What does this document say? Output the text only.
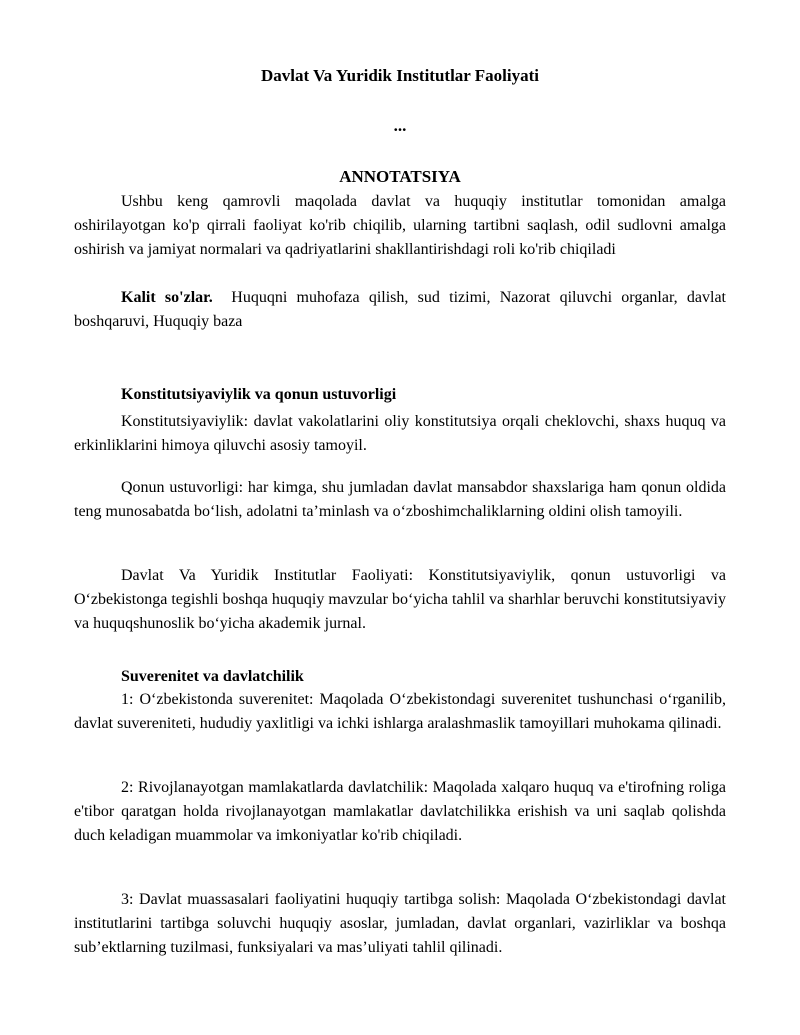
Davlat Va Yuridik Institutlar Faoliyati
...
ANNOTATSIYA

Ushbu keng qamrovli maqolada davlat va huquqiy institutlar tomonidan amalga oshirilayotgan ko'p qirrali faoliyat ko'rib chiqilib, ularning tartibni saqlash, odil sudlovni amalga oshirish va jamiyat normalari va qadriyatlarini shakllantirishdagi roli ko'rib chiqiladi

Kalit so'zlar. Huquqni muhofaza qilish, sud tizimi, Nazorat qiluvchi organlar, davlat boshqaruvi, Huquqiy baza

Konstitutsiyaviylik va qonun ustuvorligi

Konstitutsiyaviylik: davlat vakolatlarini oliy konstitutsiya orqali cheklovchi, shaxs huquq va erkinliklarini himoya qiluvchi asosiy tamoyil.

Qonun ustuvorligi: har kimga, shu jumladan davlat mansabdor shaxslariga ham qonun oldida teng munosabatda bo‘lish, adolatni ta’minlash va o‘zboshimchaliklarning oldini olish tamoyili.

Davlat Va Yuridik Institutlar Faoliyati: Konstitutsiyaviylik, qonun ustuvorligi va O‘zbekistonga tegishli boshqa huquqiy mavzular bo‘yicha tahlil va sharhlar beruvchi konstitutsiyaviy va huquqshunoslik bo‘yicha akademik jurnal.

Suverenitet va davlatchilik

1: O‘zbekistonda suverenitet: Maqolada O‘zbekistondagi suverenitet tushunchasi o‘rganilib, davlat suvereniteti, hududiy yaxlitligi va ichki ishlarga aralashmaslik tamoyillari muhokama qilinadi.

2: Rivojlanayotgan mamlakatlarda davlatchilik: Maqolada xalqaro huquq va e'tirofning roliga e'tibor qaratgan holda rivojlanayotgan mamlakatlar davlatchilikka erishish va uni saqlab qolishda duch keladigan muammolar va imkoniyatlar ko'rib chiqiladi.

3: Davlat muassasalari faoliyatini huquqiy tartibga solish: Maqolada O‘zbekistondagi davlat institutlarini tartibga soluvchi huquqiy asoslar, jumladan, davlat organlari, vazirliklar va boshqa sub’ektlarning tuzilmasi, funksiyalari va mas’uliyati tahlil qilinadi.
